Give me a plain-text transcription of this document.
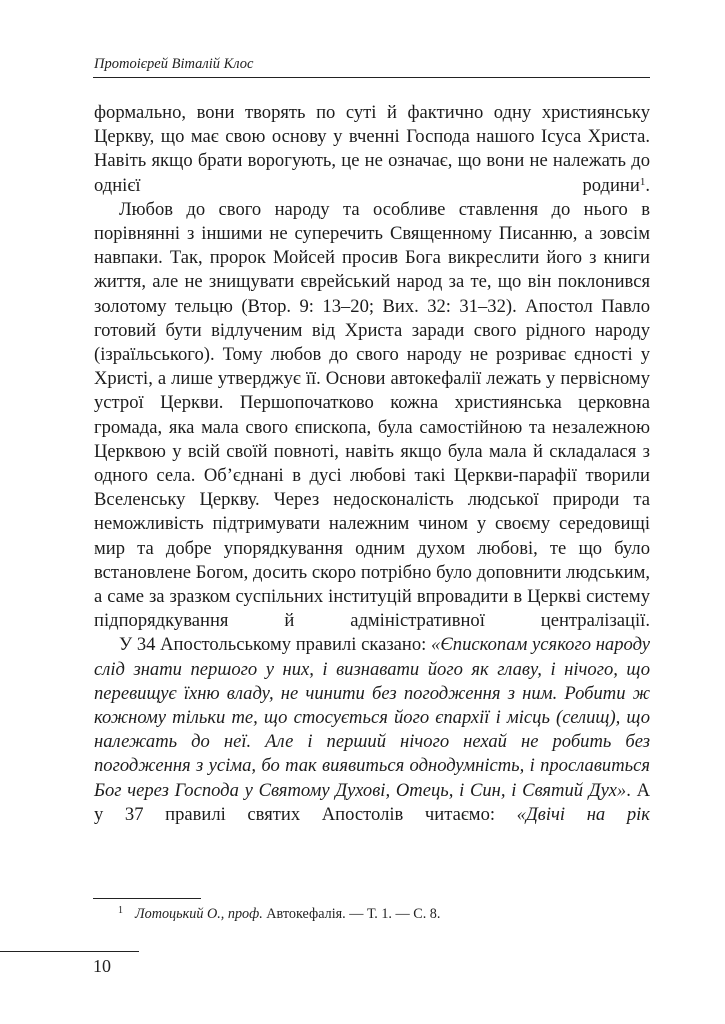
Протоієрей Віталій Клос

формально, вони творять по суті й фактично одну християнську Церкву, що має свою основу у вченні Господа нашого Ісуса Христа. Навіть якщо брати ворогують, це не означає, що вони не належать до однієї родини$^1$.

Любов до свого народу та особливе ставлення до нього в порівнянні з іншими не суперечить Священному Писанню, а зовсім навпаки. Так, пророк Мойсей просив Бога викреслити його з книги життя, але не знищувати єврейський народ за те, що він поклонився золотому тельцю (Втор. 9: 13–20; Вих. 32: 31–32). Апостол Павло готовий бути відлученим від Христа заради свого рідного народу (ізраїльського). Тому любов до свого народу не розриває єдності у Христі, а лише утверджує її. Основи автокефалії лежать у первісному устрої Церкви. Першопочатково кожна християнська церковна громада, яка мала свого єпископа, була самостійною та незалежною Церквою у всій своїй повноті, навіть якщо була мала й складалася з одного села. Об’єднані в дусі любові такі Церкви-парафії творили Вселенську Церкву. Через недосконалість людської природи та неможливість підтримувати належним чином у своєму середовищі мир та добре упорядкування одним духом любові, те що було встановлене Богом, досить скоро потрібно було доповнити людським, а саме за зразком суспільних інституцій впровадити в Церкві систему підпорядкування й адміністративної централізації.

У 34 Апостольському правилі сказано: «Єпископам усякого народу слід знати першого у них, і визнавати його як главу, і нічого, що перевищує їхню владу, не чинити без погодження з ним. Робити ж кожному тільки те, що стосується його єпархії і місць (селищ), що належать до неї. Але і перший нічого нехай не робить без погодження з усіма, бо так виявиться однодумність, і прославиться Бог через Господа у Святому Духові, Отець, і Син, і Святий Дух». А у 37 правилі святих Апостолів читаємо: «Двічі на рік

$^1$ Лотоцький О., проф. Автокефалія. — Т. 1. — С. 8.
10
